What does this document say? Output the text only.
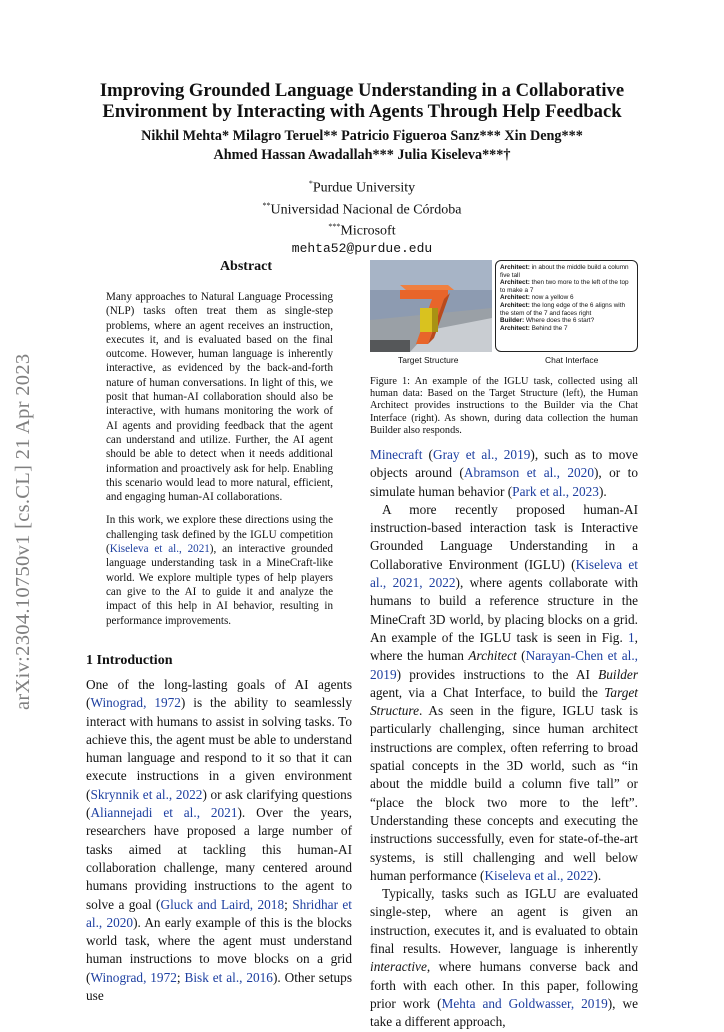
arXiv:2304.10750v1 [cs.CL] 21 Apr 2023
Improving Grounded Language Understanding in a Collaborative
Environment by Interacting with Agents Through Help Feedback
Nikhil Mehta* Milagro Teruel** Patricio Figueroa Sanz*** Xin Deng***
Ahmed Hassan Awadallah*** Julia Kiseleva***†
*Purdue University
**Universidad Nacional de Córdoba
***Microsoft
mehta52@purdue.edu
Abstract

Many approaches to Natural Language Processing (NLP) tasks often treat them as single-step problems, where an agent receives an instruction, executes it, and is evaluated based on the final outcome. However, human language is inherently interactive, as evidenced by the back-and-forth nature of human conversations. In light of this, we posit that human-AI collaboration should also be interactive, with humans monitoring the work of AI agents and providing feedback that the agent can understand and utilize. Further, the AI agent should be able to detect when it needs additional information and proactively ask for help. Enabling this scenario would lead to more natural, efficient, and engaging human-AI collaborations.

In this work, we explore these directions using the challenging task defined by the IGLU competition (Kiseleva et al., 2021), an interactive grounded language understanding task in a MineCraft-like world. We explore multiple types of help players can give to the AI to guide it and analyze the impact of this help in AI behavior, resulting in performance improvements.

1 Introduction

One of the long-lasting goals of AI agents (Winograd, 1972) is the ability to seamlessly interact with humans to assist in solving tasks. To achieve this, the agent must be able to understand human language and respond to it so that it can execute instructions in a given environment (Skrynnik et al., 2022) or ask clarifying questions (Aliannejadi et al., 2021). Over the years, researchers have proposed a large number of tasks aimed at tackling this human-AI collaboration challenge, many centered around humans providing instructions to the agent to solve a goal (Gluck and Laird, 2018; Shridhar et al., 2020). An early example of this is the blocks world task, where the agent must understand human instructions to move blocks on a grid (Winograd, 1972; Bisk et al., 2016). Other setups use

Architect: in about the middle build a column five tall
Architect: then two more to the left of the top to make a 7
Architect: now a yellow 6
Architect: the long edge of the 6 aligns with the stem of the 7 and faces right
Builder: Where does the 6 start?
Architect: Behind the 7
Target Structure	Chat Interface
Figure 1: An example of the IGLU task, collected using all human data: Based on the Target Structure (left), the Human Architect provides instructions to the Builder via the Chat Interface (right). As shown, during data collection the human Builder also responds.

Minecraft (Gray et al., 2019), such as to move objects around (Abramson et al., 2020), or to simulate human behavior (Park et al., 2023).

A more recently proposed human-AI instruction-based interaction task is Interactive Grounded Language Understanding in a Collaborative Environment (IGLU) (Kiseleva et al., 2021, 2022), where agents collaborate with humans to build a reference structure in the MineCraft 3D world, by placing blocks on a grid. An example of the IGLU task is seen in Fig. 1, where the human Architect (Narayan-Chen et al., 2019) provides instructions to the AI Builder agent, via a Chat Interface, to build the Target Structure. As seen in the figure, IGLU task is particularly challenging, since human architect instructions are complex, often referring to broad spatial concepts in the 3D world, such as “in about the middle build a column five tall” or “place the block two more to the left”. Understanding these concepts and executing the instructions successfully, even for state-of-the-art systems, is still challenging and well below human performance (Kiseleva et al., 2022).

Typically, tasks such as IGLU are evaluated single-step, where an agent is given an instruction, executes it, and is evaluated to obtain final results. However, language is inherently interactive, where humans converse back and forth with each other. In this paper, following prior work (Mehta and Goldwasser, 2019), we take a different approach,
